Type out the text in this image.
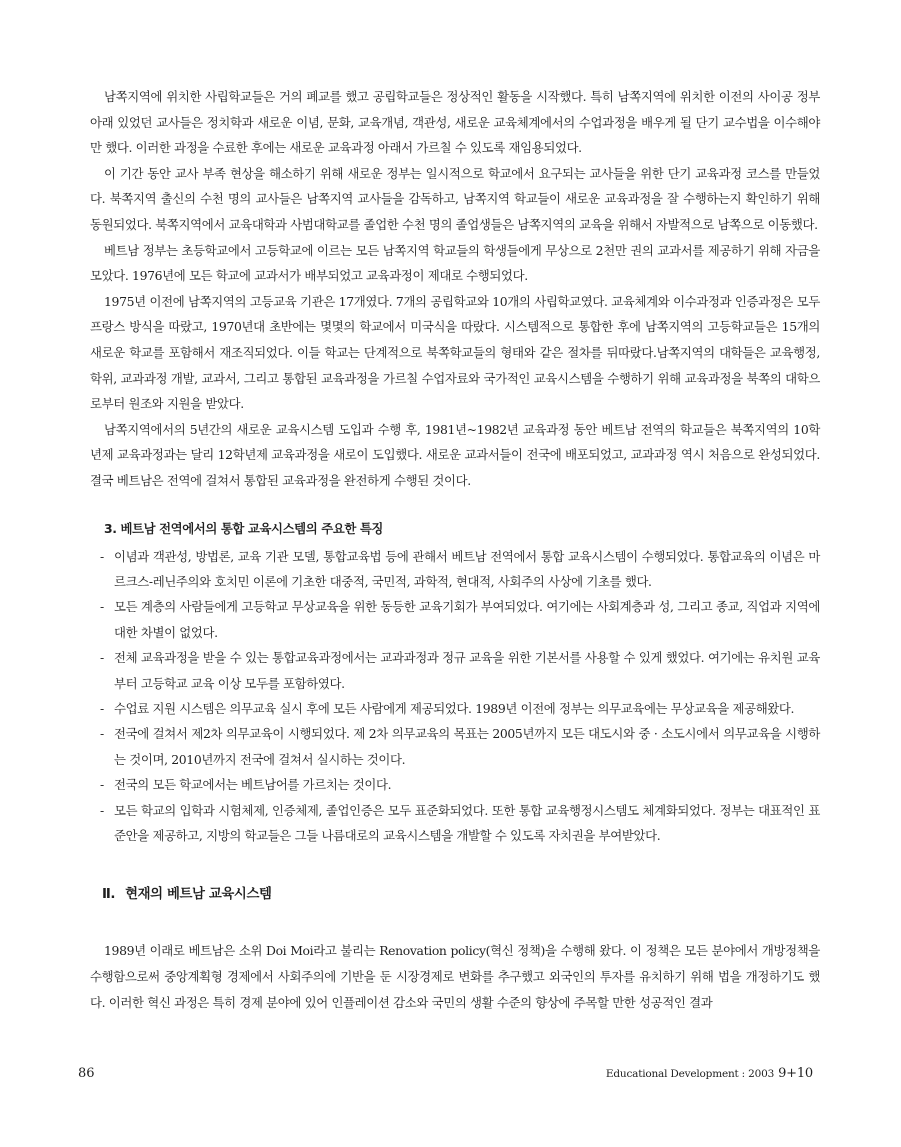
남쪽지역에 위치한 사립학교들은 거의 폐교를 했고 공립학교들은 정상적인 활동을 시작했다. 특히 남쪽지역에 위치한 이전의 사이공 정부 아래 있었던 교사들은 정치학과 새로운 이념, 문화, 교육개념, 객관성, 새로운 교육체계에서의 수업과정을 배우게 될 단기 교수법을 이수해야만 했다. 이러한 과정을 수료한 후에는 새로운 교육과정 아래서 가르칠 수 있도록 재임용되었다.

이 기간 동안 교사 부족 현상을 해소하기 위해 새로운 정부는 일시적으로 학교에서 요구되는 교사들을 위한 단기 교육과정 코스를 만들었다. 북쪽지역 출신의 수천 명의 교사들은 남쪽지역 교사들을 감독하고, 남쪽지역 학교들이 새로운 교육과정을 잘 수행하는지 확인하기 위해 동원되었다. 북쪽지역에서 교육대학과 사범대학교를 졸업한 수천 명의 졸업생들은 남쪽지역의 교육을 위해서 자발적으로 남쪽으로 이동했다.

베트남 정부는 초등학교에서 고등학교에 이르는 모든 남쪽지역 학교들의 학생들에게 무상으로 2천만 권의 교과서를 제공하기 위해 자금을 모았다. 1976년에 모든 학교에 교과서가 배부되었고 교육과정이 제대로 수행되었다.

1975년 이전에 남쪽지역의 고등교육 기관은 17개였다. 7개의 공립학교와 10개의 사립학교였다. 교육체계와 이수과정과 인증과정은 모두 프랑스 방식을 따랐고, 1970년대 초반에는 몇몇의 학교에서 미국식을 따랐다. 시스템적으로 통합한 후에 남쪽지역의 고등학교들은 15개의 새로운 학교를 포함해서 재조직되었다. 이들 학교는 단계적으로 북쪽학교들의 형태와 같은 절차를 뒤따랐다.남쪽지역의 대학들은 교육행정, 학위, 교과과정 개발, 교과서, 그리고 통합된 교육과정을 가르칠 수업자료와 국가적인 교육시스템을 수행하기 위해 교육과정을 북쪽의 대학으로부터 원조와 지원을 받았다.

남쪽지역에서의 5년간의 새로운 교육시스템 도입과 수행 후, 1981년~1982년 교육과정 동안 베트남 전역의 학교들은 북쪽지역의 10학년제 교육과정과는 달리 12학년제 교육과정을 새로이 도입했다. 새로운 교과서들이 전국에 배포되었고, 교과과정 역시 처음으로 완성되었다. 결국 베트남은 전역에 걸쳐서 통합된 교육과정을 완전하게 수행된 것이다.

3. 베트남 전역에서의 통합 교육시스템의 주요한 특징
- 이념과 객관성, 방법론, 교육 기관 모델, 통합교육법 등에 관해서 베트남 전역에서 통합 교육시스템이 수행되었다. 통합교육의 이념은 마르크스-레닌주의와 호치민 이론에 기초한 대중적, 국민적, 과학적, 현대적, 사회주의 사상에 기초를 했다.
- 모든 계층의 사람들에게 고등학교 무상교육을 위한 동등한 교육기회가 부여되었다. 여기에는 사회계층과 성, 그리고 종교, 직업과 지역에 대한 차별이 없었다.
- 전체 교육과정을 받을 수 있는 통합교육과정에서는 교과과정과 정규 교육을 위한 기본서를 사용할 수 있게 했었다. 여기에는 유치원 교육부터 고등학교 교육 이상 모두를 포함하였다.
- 수업료 지원 시스템은 의무교육 실시 후에 모든 사람에게 제공되었다. 1989년 이전에 정부는 의무교육에는 무상교육을 제공해왔다.
- 전국에 걸쳐서 제2차 의무교육이 시행되었다. 제 2차 의무교육의 목표는 2005년까지 모든 대도시와 중 · 소도시에서 의무교육을 시행하는 것이며, 2010년까지 전국에 걸쳐서 실시하는 것이다.
- 전국의 모든 학교에서는 베트남어를 가르치는 것이다.
- 모든 학교의 입학과 시험체제, 인증체제, 졸업인증은 모두 표준화되었다. 또한 통합 교육행정시스템도 체계화되었다. 정부는 대표적인 표준안을 제공하고, 지방의 학교들은 그들 나름대로의 교육시스템을 개발할 수 있도록 자치권을 부여받았다.
Ⅱ. 현재의 베트남 교육시스템

1989년 이래로 베트남은 소위 Doi Moi라고 불리는 Renovation policy(혁신 정책)을 수행해 왔다. 이 정책은 모든 분야에서 개방정책을 수행함으로써 중앙계획형 경제에서 사회주의에 기반을 둔 시장경제로 변화를 추구했고 외국인의 투자를 유치하기 위해 법을 개정하기도 했다. 이러한 혁신 과정은 특히 경제 분야에 있어 인플레이션 감소와 국민의 생활 수준의 향상에 주목할 만한 성공적인 결과

86	Educational Development : 2003 9+10
